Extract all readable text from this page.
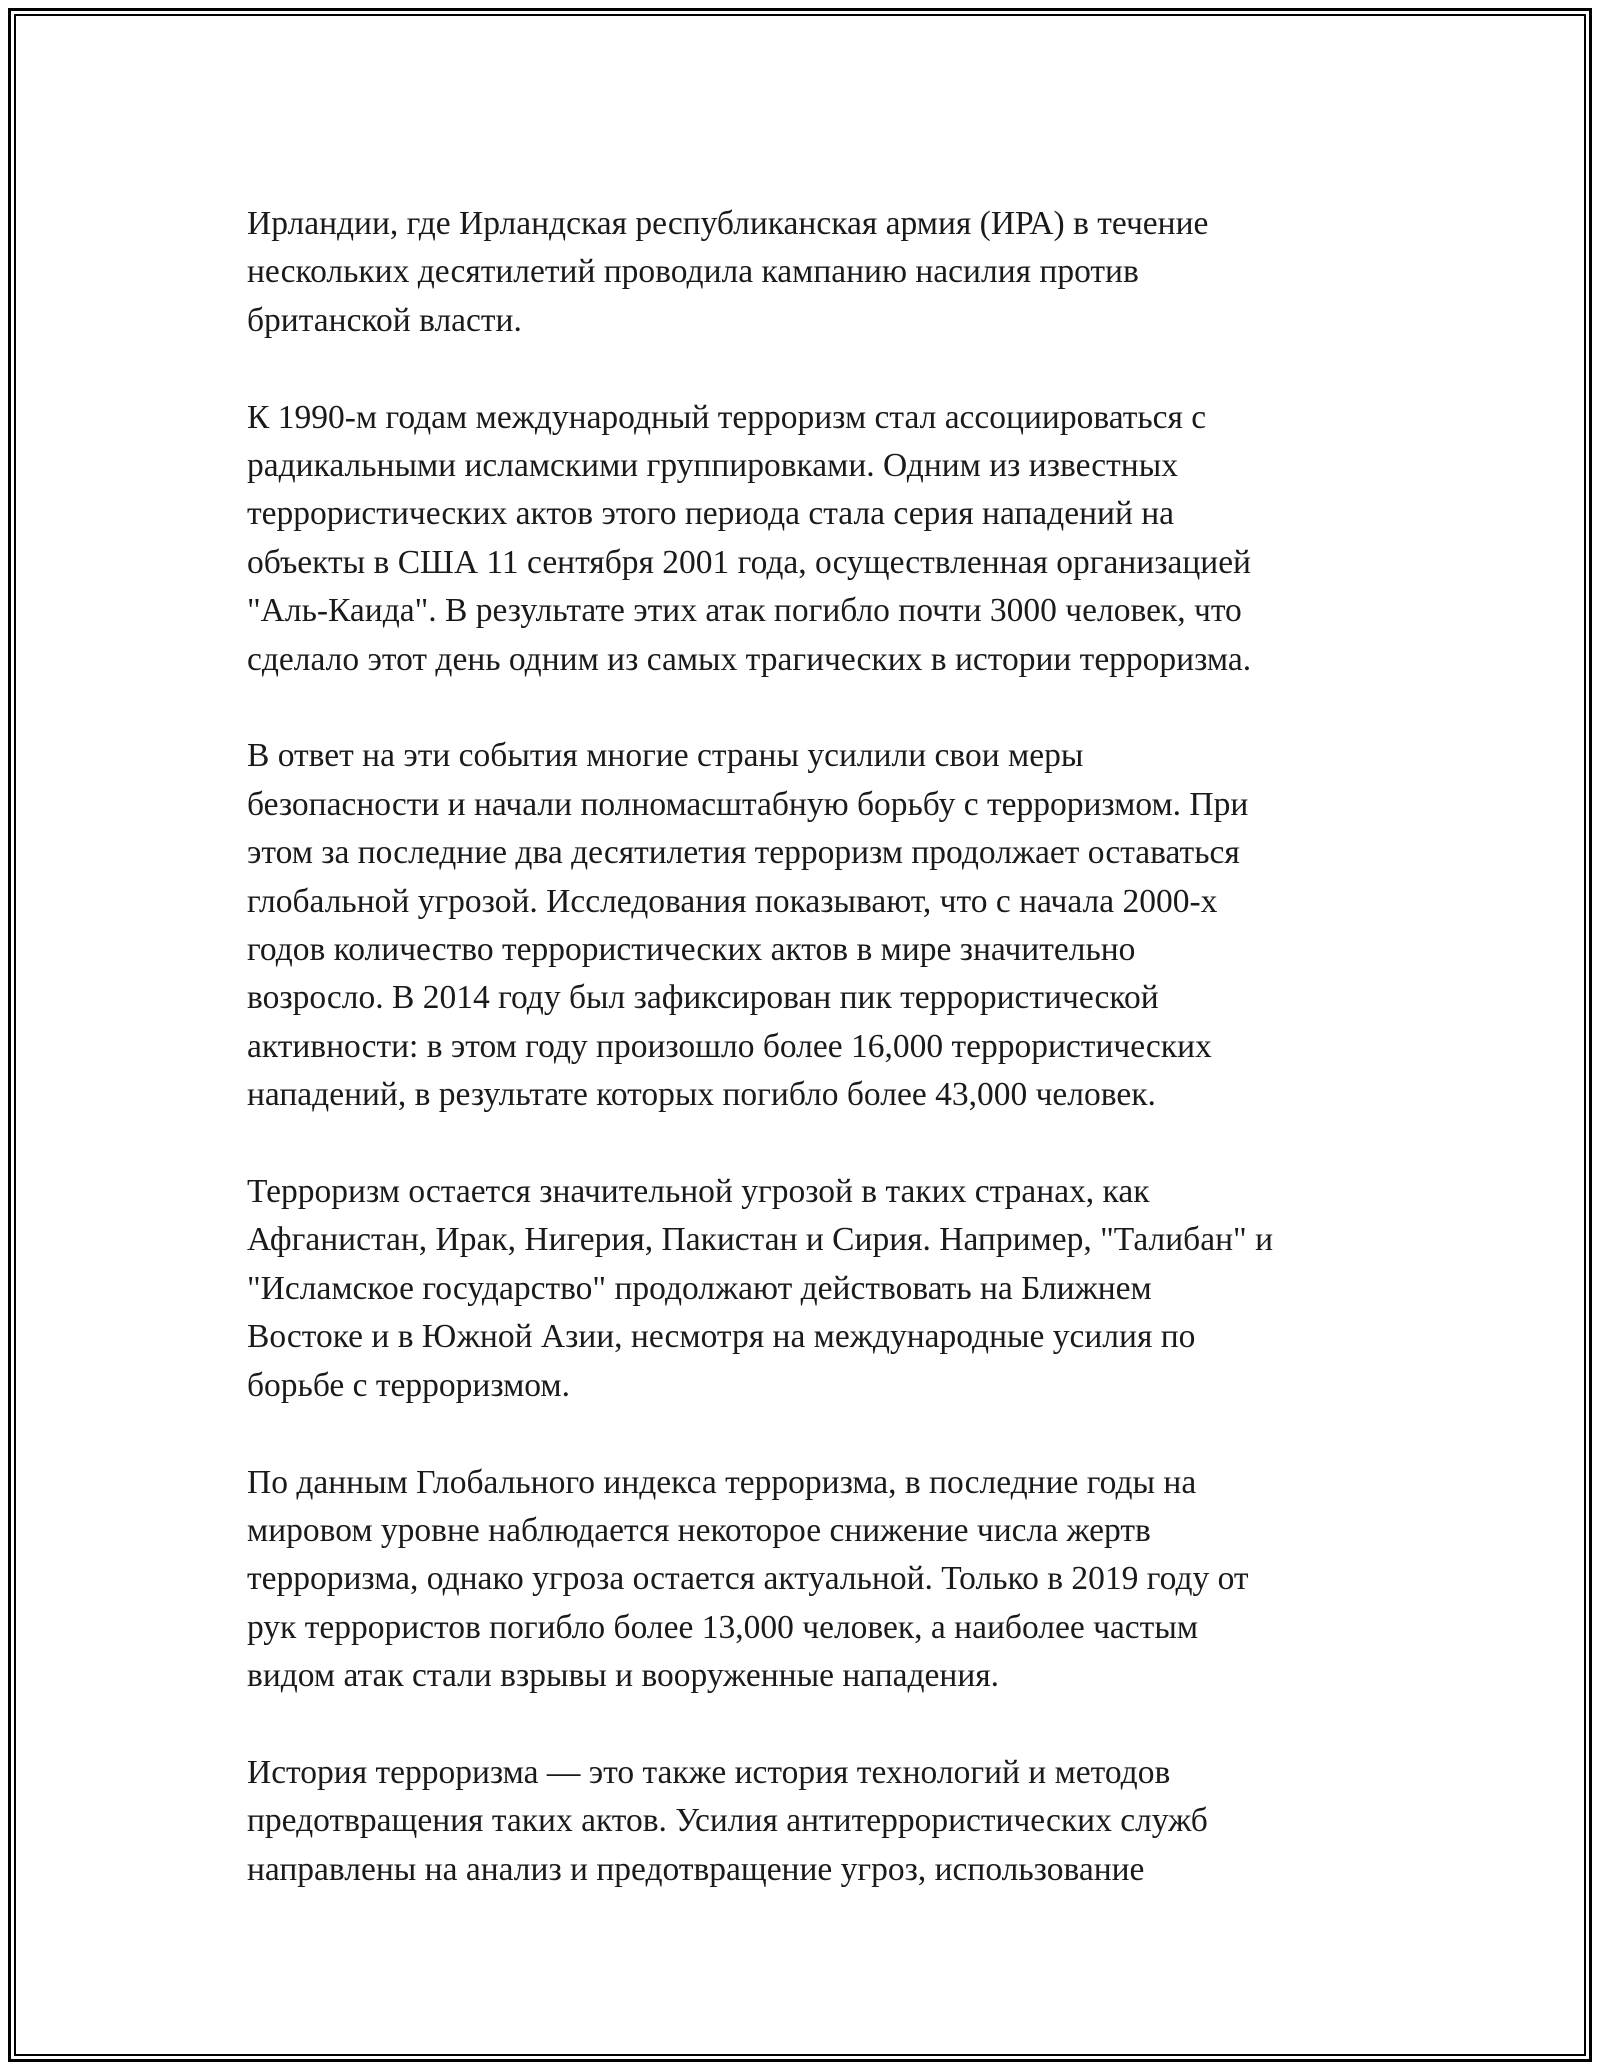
Ирландии, где Ирландская республиканская армия (ИРА) в течение
нескольких десятилетий проводила кампанию насилия против
британской власти.

К 1990-м годам международный терроризм стал ассоциироваться с
радикальными исламскими группировками. Одним из известных
террористических актов этого периода стала серия нападений на
объекты в США 11 сентября 2001 года, осуществленная организацией
"Аль-Каида". В результате этих атак погибло почти 3000 человек, что
сделало этот день одним из самых трагических в истории терроризма.

В ответ на эти события многие страны усилили свои меры
безопасности и начали полномасштабную борьбу с терроризмом. При
этом за последние два десятилетия терроризм продолжает оставаться
глобальной угрозой. Исследования показывают, что с начала 2000-х
годов количество террористических актов в мире значительно
возросло. В 2014 году был зафиксирован пик террористической
активности: в этом году произошло более 16,000 террористических
нападений, в результате которых погибло более 43,000 человек.

Терроризм остается значительной угрозой в таких странах, как
Афганистан, Ирак, Нигерия, Пакистан и Сирия. Например, "Талибан" и
"Исламское государство" продолжают действовать на Ближнем
Востоке и в Южной Азии, несмотря на международные усилия по
борьбе с терроризмом.

По данным Глобального индекса терроризма, в последние годы на
мировом уровне наблюдается некоторое снижение числа жертв
терроризма, однако угроза остается актуальной. Только в 2019 году от
рук террористов погибло более 13,000 человек, а наиболее частым
видом атак стали взрывы и вооруженные нападения.

История терроризма — это также история технологий и методов
предотвращения таких актов. Усилия антитеррористических служб
направлены на анализ и предотвращение угроз, использование
